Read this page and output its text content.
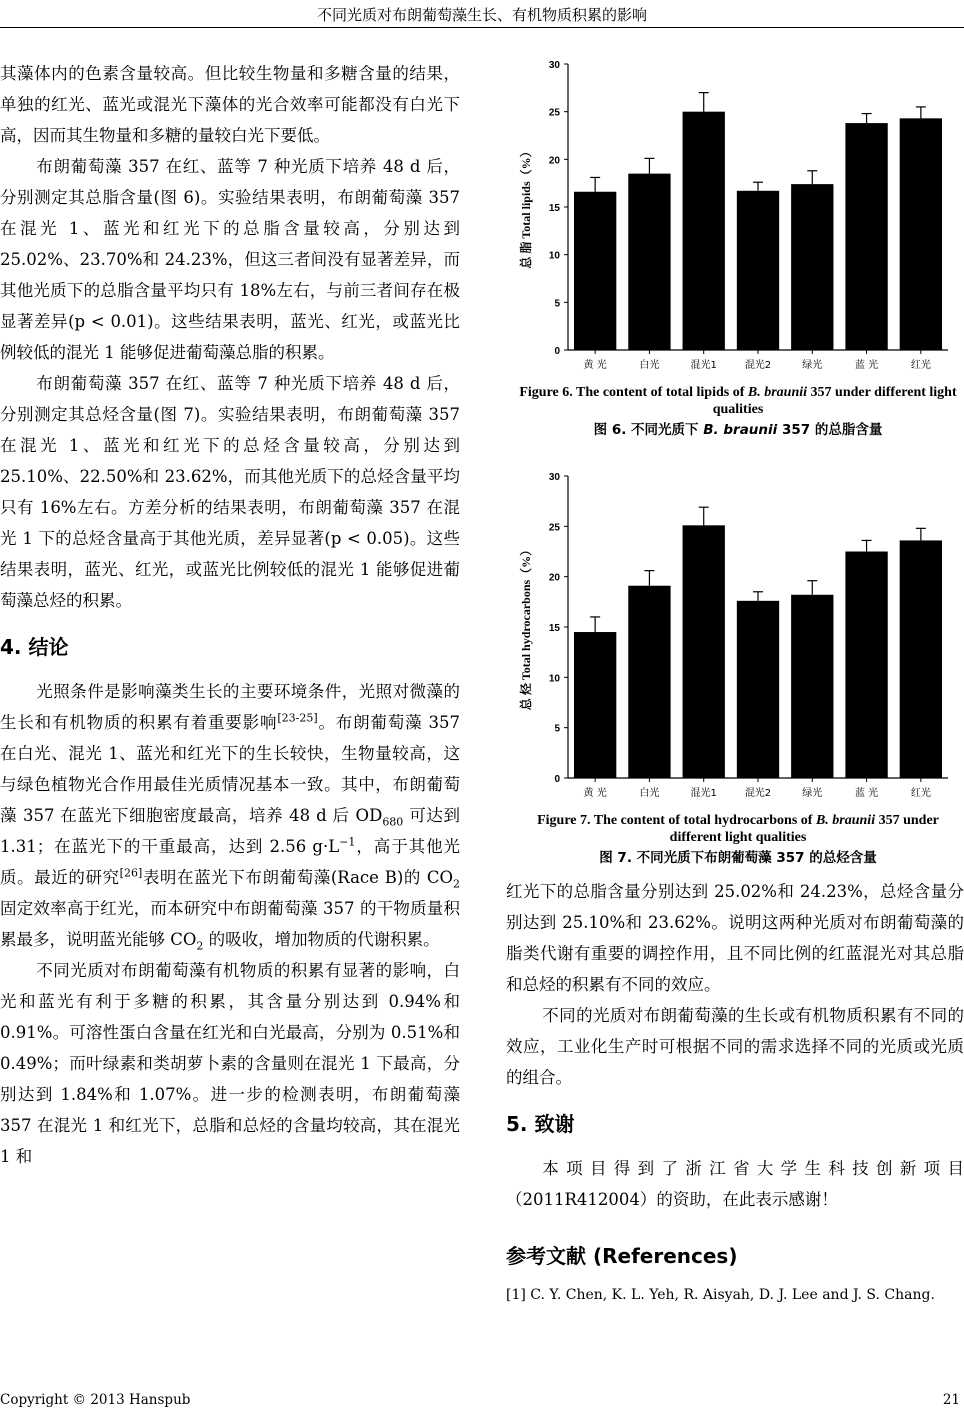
不同光质对布朗葡萄藻生长、有机物质积累的影响

其藻体内的色素含量较高。但比较生物量和多糖含量的结果，单独的红光、蓝光或混光下藻体的光合效率可能都没有白光下高，因而其生物量和多糖的量较白光下要低。

布朗葡萄藻 357 在红、蓝等 7 种光质下培养 48 d 后，分别测定其总脂含量(图 6)。实验结果表明，布朗葡萄藻 357 在混光 1、蓝光和红光下的总脂含量较高，分别达到 25.02%、23.70%和 24.23%，但这三者间没有显著差异，而其他光质下的总脂含量平均只有 18%左右，与前三者间存在极显著差异(p < 0.01)。这些结果表明，蓝光、红光，或蓝光比例较低的混光 1 能够促进葡萄藻总脂的积累。

布朗葡萄藻 357 在红、蓝等 7 种光质下培养 48 d 后，分别测定其总烃含量(图 7)。实验结果表明，布朗葡萄藻 357 在混光 1、蓝光和红光下的总烃含量较高，分别达到 25.10%、22.50%和 23.62%，而其他光质下的总烃含量平均只有 16%左右。方差分析的结果表明，布朗葡萄藻 357 在混光 1 下的总烃含量高于其他光质，差异显著(p < 0.05)。这些结果表明，蓝光、红光，或蓝光比例较低的混光 1 能够促进葡萄藻总烃的积累。

4. 结论

光照条件是影响藻类生长的主要环境条件，光照对微藻的生长和有机物质的积累有着重要影响[23-25]。布朗葡萄藻 357 在白光、混光 1、蓝光和红光下的生长较快，生物量较高，这与绿色植物光合作用最佳光质情况基本一致。其中，布朗葡萄藻 357 在蓝光下细胞密度最高，培养 48 d 后 $OD_{680}$ 可达到 1.31；在蓝光下的干重最高，达到 2.56 $g\cdot L^{-1}$，高于其他光质。最近的研究[26]表明在蓝光下布朗葡萄藻(Race B)的 $CO_2$ 固定效率高于红光，而本研究中布朗葡萄藻 357 的干物质量积累最多，说明蓝光能够 $CO_2$ 的吸收，增加物质的代谢积累。

不同光质对布朗葡萄藻有机物质的积累有显著的影响，白光和蓝光有利于多糖的积累，其含量分别达到 0.94%和 0.91%。可溶性蛋白含量在红光和白光最高，分别为 0.51%和 0.49%；而叶绿素和类胡萝卜素的含量则在混光 1 下最高，分别达到 1.84%和 1.07%。进一步的检测表明，布朗葡萄藻 357 在混光 1 和红光下，总脂和总烃的含量均较高，其在混光 1 和

0
5
10
15
20
25
30
黄 光	白光	混光1	混光2	绿光	蓝 光	红光
总 脂 Total lipids（%）
Figure 6. The content of total lipids of B. braunii 357 under different light qualities
图 6. 不同光质下 B. braunii 357 的总脂含量
0
5
10
15
20
25
30
黄 光	白光	混光1	混光2	绿光	蓝 光	红光
总 烃 Total hydrocarbons（%）
Figure 7. The content of total hydrocarbons of B. braunii 357 under different light qualities
图 7. 不同光质下布朗葡萄藻 357 的总烃含量

红光下的总脂含量分别达到 25.02%和 24.23%，总烃含量分别达到 25.10%和 23.62%。说明这两种光质对布朗葡萄藻的脂类代谢有重要的调控作用，且不同比例的红蓝混光对其总脂和总烃的积累有不同的效应。

不同的光质对布朗葡萄藻的生长或有机物质积累有不同的效应，工业化生产时可根据不同的需求选择不同的光质或光质的组合。

5. 致谢

本项目得到了浙江省大学生科技创新项目（2011R412004）的资助，在此表示感谢！

参考文献 (References)
[1] C. Y. Chen, K. L. Yeh, R. Aisyah, D. J. Lee and J. S. Chang.
Copyright © 2013 Hanspub	21
